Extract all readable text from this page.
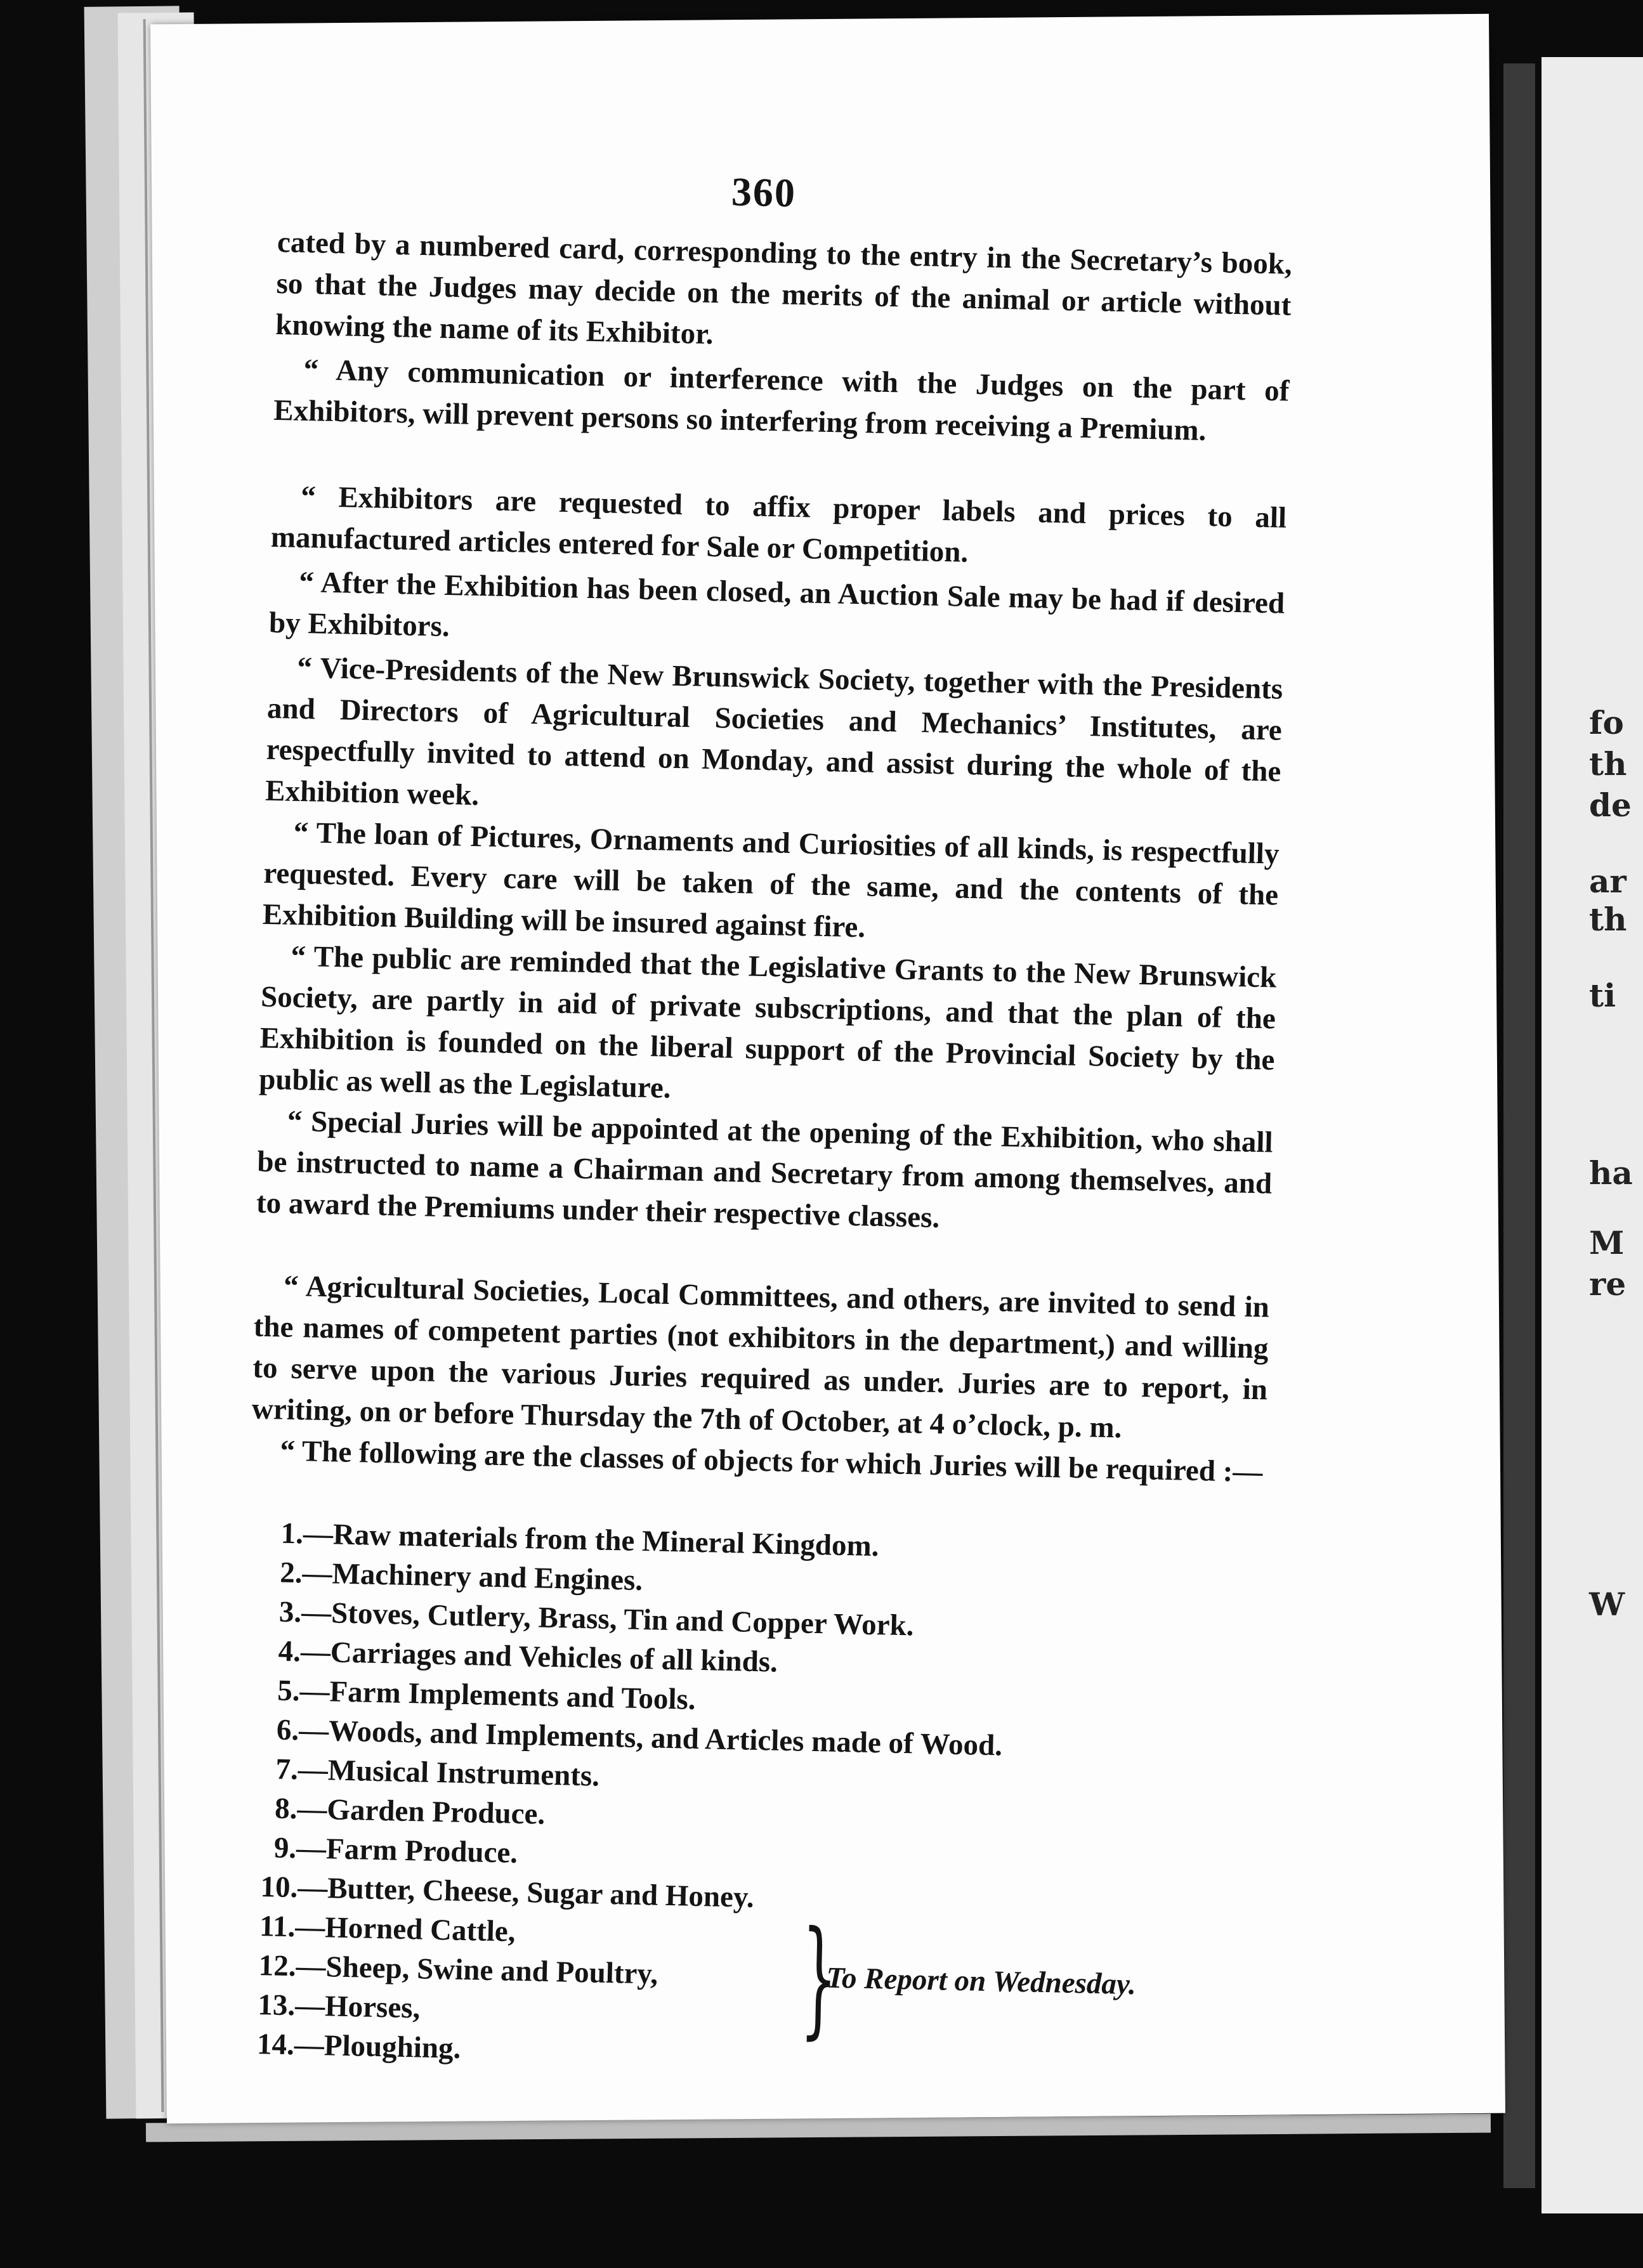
fo
th
de
ar
th
ti
ha
M
re
W
360
cated by a numbered card, corresponding to the entry in the Secretary’s book, so that the Judges may decide on the merits of the animal or article without knowing the name of its Exhibitor.
“ Any communication or interference with the Judges on the part of Exhibitors, will prevent persons so interfering from receiving a Premium.
“ Exhibitors are requested to affix proper labels and prices to all manufactured articles entered for Sale or Competition.
“ After the Exhibition has been closed, an Auction Sale may be had if desired by Exhibitors.
“ Vice-Presidents of the New Brunswick Society, together with the Presidents and Directors of Agricultural Societies and Mechanics’ Institutes, are respectfully invited to attend on Monday, and assist during the whole of the Exhibition week.
“ The loan of Pictures, Ornaments and Curiosities of all kinds, is respectfully requested. Every care will be taken of the same, and the contents of the Exhibition Building will be insured against fire.
“ The public are reminded that the Legislative Grants to the New Brunswick Society, are partly in aid of private subscriptions, and that the plan of the Exhibition is founded on the liberal support of the Provincial Society by the public as well as the Legislature.
“ Special Juries will be appointed at the opening of the Exhibition, who shall be instructed to name a Chairman and Secretary from among themselves, and to award the Premiums under their respective classes.
“ Agricultural Societies, Local Committees, and others, are invited to send in the names of competent parties (not exhibitors in the department,) and willing to serve upon the various Juries required as under. Juries are to report, in writing, on or before Thursday the 7th of October, at 4 o’clock, p. m.
“ The following are the classes of objects for which Juries will be required :—
1.—Raw materials from the Mineral Kingdom.
2.—Machinery and Engines.
3.—Stoves, Cutlery, Brass, Tin and Copper Work.
4.—Carriages and Vehicles of all kinds.
5.—Farm Implements and Tools.
6.—Woods, and Implements, and Articles made of Wood.
7.—Musical Instruments.
8.—Garden Produce.
9.—Farm Produce.
10.—Butter, Cheese, Sugar and Honey.
11.—Horned Cattle,
12.—Sheep, Swine and Poultry,
13.—Horses,
14.—Ploughing.	}
To Report on Wednesday.
